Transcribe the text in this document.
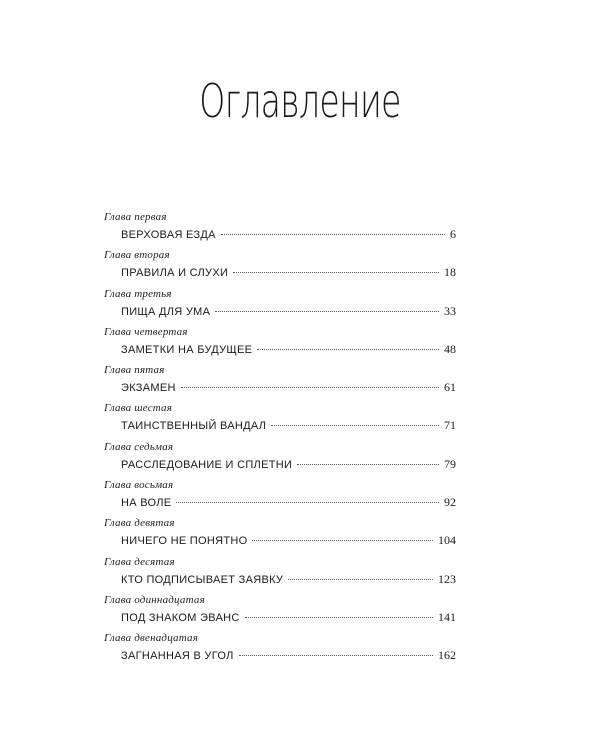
Оглавление
Глава первая
ВЕРХОВАЯ ЕЗДА	6
Глава вторая
ПРАВИЛА И СЛУХИ	18
Глава третья
ПИЩА ДЛЯ УМА	33
Глава четвертая
ЗАМЕТКИ НА БУДУЩЕЕ	48
Глава пятая
ЭКЗАМЕН	61
Глава шестая
ТАИНСТВЕННЫЙ ВАНДАЛ	71
Глава седьмая
РАССЛЕДОВАНИЕ И СПЛЕТНИ	79
Глава восьмая
НА ВОЛЕ	92
Глава девятая
НИЧЕГО НЕ ПОНЯТНО	104
Глава десятая
КТО ПОДПИСЫВАЕТ ЗАЯВКУ	123
Глава одиннадцатая
ПОД ЗНАКОМ ЭВАНС	141
Глава двенадцатая
ЗАГНАННАЯ В УГОЛ	162
